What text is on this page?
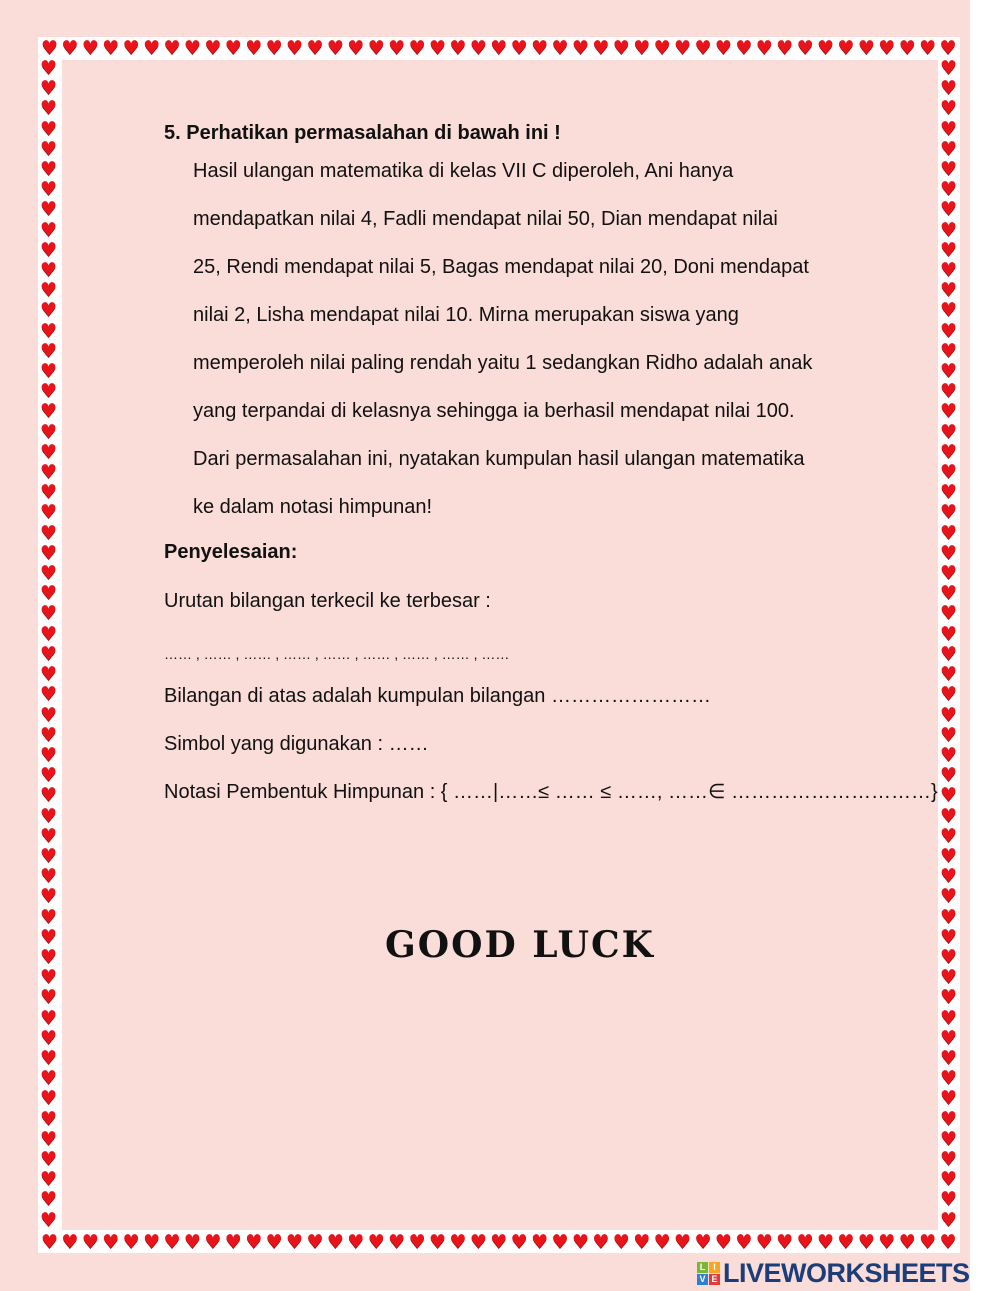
♥ ♥ ♥ ♥ ♥ ♥ ♥ ♥ ♥ ♥ ♥ ♥ ♥ ♥ ♥ ♥ ♥ ♥ ♥ ♥ ♥ ♥ ♥ ♥ ♥ ♥ ♥ ♥ ♥ ♥ ♥ ♥ ♥ ♥ ♥ ♥ ♥ ♥ ♥ ♥ ♥ ♥ ♥ ♥ ♥
♥ ♥ ♥ ♥ ♥ ♥ ♥ ♥ ♥ ♥ ♥ ♥ ♥ ♥ ♥ ♥ ♥ ♥ ♥ ♥ ♥ ♥ ♥ ♥ ♥ ♥ ♥ ♥ ♥ ♥ ♥ ♥ ♥ ♥ ♥ ♥ ♥ ♥ ♥ ♥ ♥ ♥ ♥ ♥ ♥
♥
♥
♥
♥
♥
♥
♥
♥
♥
♥
♥
♥
♥
♥
♥
♥
♥
♥
♥
♥
♥
♥
♥
♥
♥
♥
♥
♥
♥
♥
♥
♥
♥
♥
♥
♥
♥
♥
♥
♥
♥
♥
♥
♥
♥
♥
♥
♥
♥
♥
♥
♥
♥
♥
♥
♥
♥
♥
♥
♥
♥
♥
♥
♥
♥
♥
♥
♥
♥
♥
♥
♥
♥
♥
♥
♥
♥
♥
♥
♥
♥
♥
♥
♥
♥
♥
♥
♥
♥
♥
♥
♥
♥
♥
♥
♥
♥
♥
♥
♥
♥
♥
♥
♥
♥
♥
♥
♥
♥
♥
♥
♥
♥
♥
♥
♥
5. Perhatikan permasalahan di bawah ini !
Hasil ulangan matematika di kelas VII C diperoleh, Ani hanya
mendapatkan nilai 4, Fadli mendapat nilai 50, Dian mendapat nilai
25, Rendi mendapat nilai 5, Bagas mendapat nilai 20, Doni mendapat
nilai 2, Lisha mendapat nilai 10. Mirna merupakan siswa yang
memperoleh nilai paling rendah yaitu 1 sedangkan Ridho adalah anak
yang terpandai di kelasnya sehingga ia berhasil mendapat nilai 100.
Dari permasalahan ini, nyatakan kumpulan hasil ulangan matematika
ke dalam notasi himpunan!
Penyelesaian:
Urutan bilangan terkecil ke terbesar :
…… , …… , …… , …… , …… , …… , …… , …… , ……
Bilangan di atas adalah kumpulan bilangan ……………………
Simbol yang digunakan : ……
Notasi Pembentuk Himpunan : { ……|……≤ …… ≤ ……, ……∈ …………………………}
GOOD LUCK
L I
V E LIVEWORKSHEETS
